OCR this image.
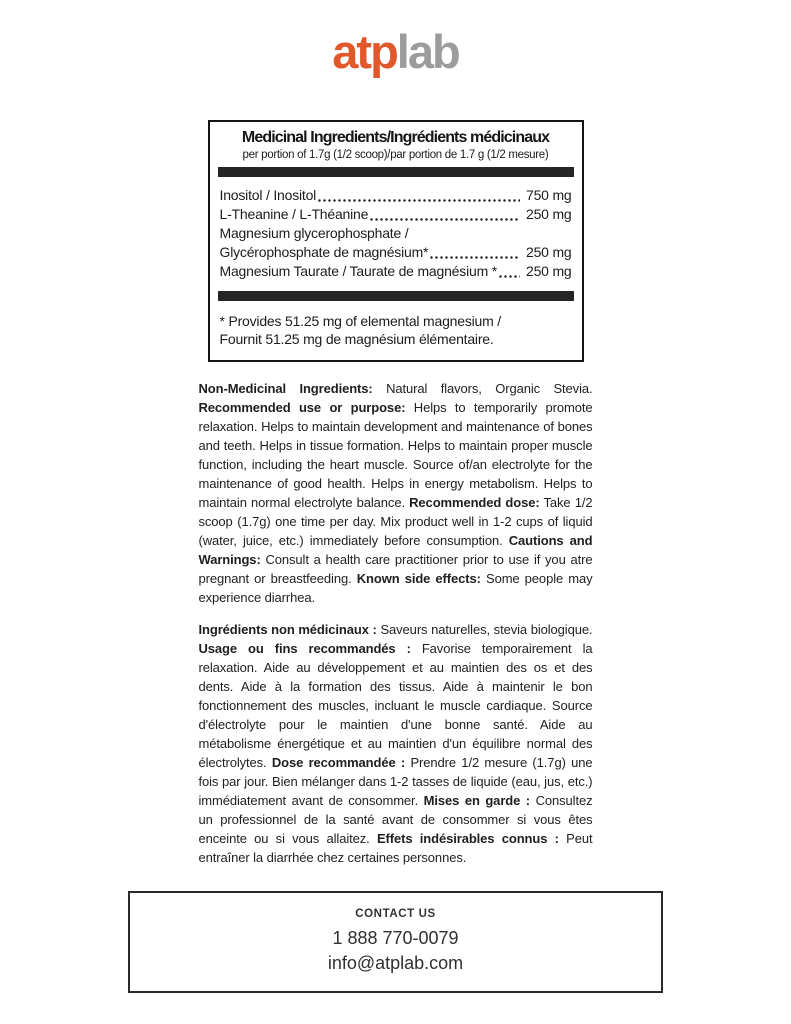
atplab
Medicinal Ingredients/Ingrédients médicinaux
per portion of 1.7g (1/2 scoop)/par portion de 1.7 g (1/2 mesure)
Inositol / Inositol	750 mg
L-Theanine / L-Théanine	250 mg
Magnesium glycerophosphate /
Glycérophosphate de magnésium*	250 mg
Magnesium Taurate / Taurate de magnésium * 250 mg
* Provides 51.25 mg of elemental magnesium /
Fournit 51.25 mg de magnésium élémentaire.
Non-Medicinal Ingredients: Natural flavors, Organic Stevia. Recommended use or purpose: Helps to temporarily promote relaxation. Helps to maintain development and maintenance of bones and teeth. Helps in tissue formation. Helps to maintain proper muscle function, including the heart muscle. Source of/an electrolyte for the maintenance of good health. Helps in energy metabolism. Helps to maintain normal electrolyte balance. Recommended dose: Take 1/2 scoop (1.7g) one time per day. Mix product well in 1-2 cups of liquid (water, juice, etc.) immediately before consumption. Cautions and Warnings: Consult a health care practitioner prior to use if you atre pregnant or breastfeeding. Known side effects: Some people may experience diarrhea.
Ingrédients non médicinaux : Saveurs naturelles, stevia biologique. Usage ou fins recommandés : Favorise temporairement la relaxation. Aide au développement et au maintien des os et des dents. Aide à la formation des tissus. Aide à maintenir le bon fonctionnement des muscles, incluant le muscle cardiaque. Source d'électrolyte pour le maintien d'une bonne santé. Aide au métabolisme énergétique et au maintien d'un équilibre normal des électrolytes. Dose recommandée : Prendre 1/2 mesure (1.7g) une fois par jour. Bien mélanger dans 1-2 tasses de liquide (eau, jus, etc.) immédiatement avant de consommer. Mises en garde : Consultez un professionnel de la santé avant de consommer si vous êtes enceinte ou si vous allaitez. Effets indésirables connus : Peut entraîner la diarrhée chez certaines personnes.
CONTACT US
1 888 770-0079
info@atplab.com
